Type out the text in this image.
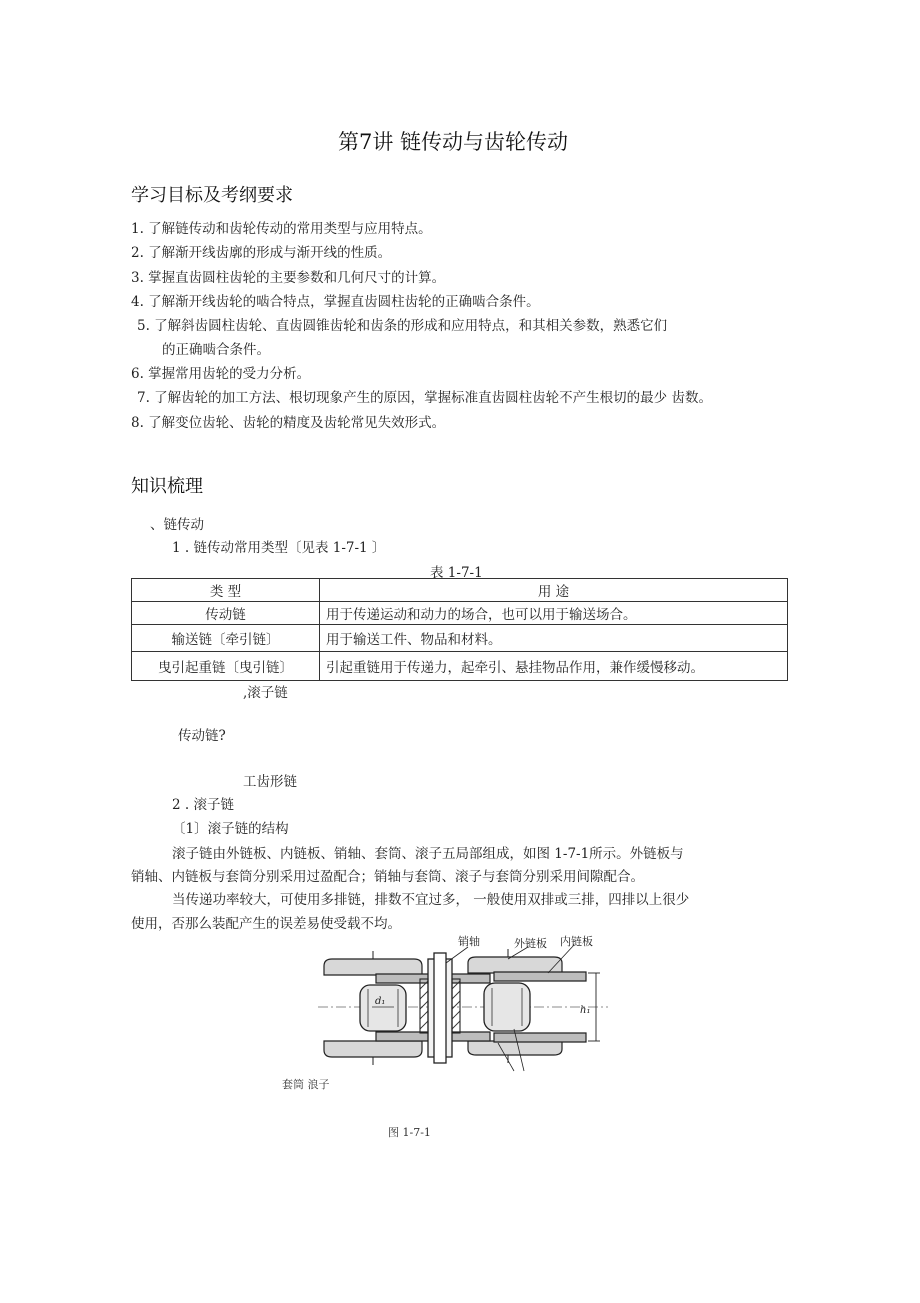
第7讲 链传动与齿轮传动
学习目标及考纲要求
1. 了解链传动和齿轮传动的常用类型与应用特点。
2. 了解渐开线齿廓的形成与渐开线的性质。
3. 掌握直齿圆柱齿轮的主要参数和几何尺寸的计算。
4. 了解渐开线齿轮的啮合特点，掌握直齿圆柱齿轮的正确啮合条件。
5. 了解斜齿圆柱齿轮、直齿圆锥齿轮和齿条的形成和应用特点，和其相关参数，熟悉它们
的正确啮合条件。
6. 掌握常用齿轮的受力分析。
7. 了解齿轮的加工方法、根切现象产生的原因，掌握标准直齿圆柱齿轮不产生根切的最少 齿数。
8. 了解变位齿轮、齿轮的精度及齿轮常见失效形式。
知识梳理
、链传动
1 . 链传动常用类型〔见表 1-7-1 〕
表 1-7-1
类 型	用 途
传动链	用于传递运动和动力的场合，也可以用于输送场合。
输送链〔牵引链〕	用于输送工件、物品和材料。
曳引起重链〔曳引链〕	引起重链用于传递力，起牵引、悬挂物品作用，兼作缓慢移动。
,滚子链
传动链?
工齿形链
2 . 滚子链
〔1〕滚子链的结构
滚子链由外链板、内链板、销轴、套筒、滚子五局部组成，如图 1-7-1所示。外链板与
销轴、内链板与套筒分别采用过盈配合；销轴与套筒、滚子与套筒分别采用间隙配合。
当传递功率较大，可使用多排链，排数不宜过多， 一般使用双排或三排，四排以上很少
使用，否那么装配产生的误差易使受载不均。
销轴	外链板 内链板
d₁
h₁
套筒 浪子
图 1-7-1
